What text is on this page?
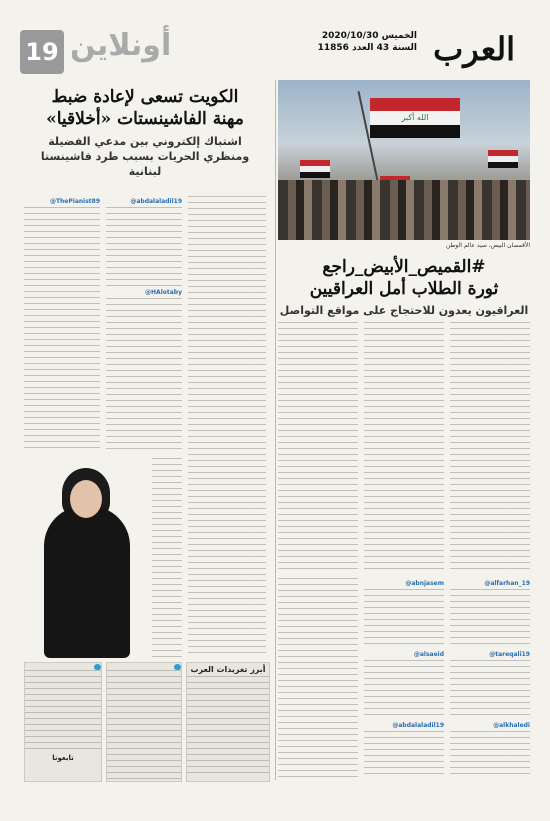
العرب
الخميس 2020/10/30
السنة 43 العدد 11856
أونلاين
19
الله أكبر
الأقمصان البيض، سيد عالم الوطن
#القميص_الأبيض_راجع
ثورة الطلاب أمل العراقيين
العراقيون يعدون للاحتجاج على مواقع التواصل
الكويت تسعى لإعادة ضبط
مهنة الفاشينستات «أخلاقيا»
اشتباك إلكتروني بين مدعي الفضيلة
ومنظري الحريات بسبب طرد فاشينستا لبنانية
@alfarhan_19
@tareqali19
@alkhaledi
@abnjasem
@alsaeid
@abdalaladil19
@ThePianist89	@abdalaladil19
@HAlotaby
أبرز تغريدات العرب
تابعونا
